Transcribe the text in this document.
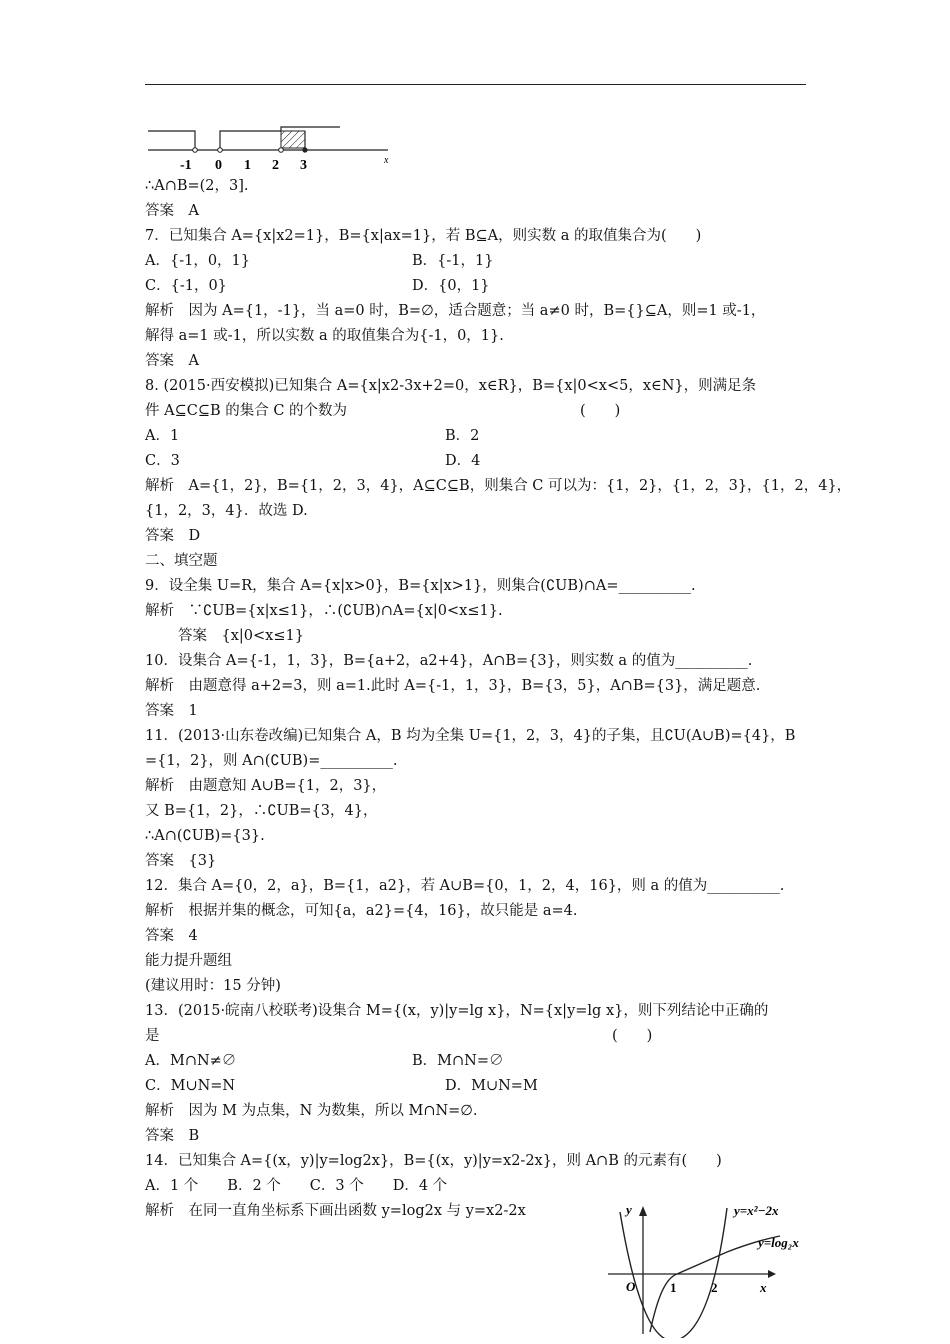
-1 0 1 2 3	x
∴A∩B=(2，3].
答案　A
7．已知集合 A={x|x2=1}，B={x|ax=1}，若 B⊆A，则实数 a 的取值集合为(　　)
A．{-1，0，1}	B．{-1，1}
C．{-1，0}	D．{0，1}
解析　因为 A={1，-1}，当 a=0 时，B=∅，适合题意；当 a≠0 时，B={}⊆A，则=1 或-1，
解得 a=1 或-1，所以实数 a 的取值集合为{-1，0，1}.
答案　A
8. (2015·西安模拟)已知集合 A={x|x2-3x+2=0，x∈R}，B={x|0<x<5，x∈N}，则满足条
件 A⊆C⊆B 的集合 C 的个数为	(　　)
A．1	B．2
C．3	D．4
解析　A={1，2}，B={1，2，3，4}，A⊆C⊆B，则集合 C 可以为：{1，2}，{1，2，3}，{1，2，4}，
{1，2，3，4}．故选 D.
答案　D
二、填空题
9．设全集 U=R，集合 A={x|x>0}，B={x|x>1}，则集合(∁UB)∩A=__________.
解析　∵∁UB={x|x≤1}，∴(∁UB)∩A={x|0<x≤1}.
答案　{x|0<x≤1}
10．设集合 A={-1，1，3}，B={a+2，a2+4}，A∩B={3}，则实数 a 的值为__________.
解析　由题意得 a+2=3，则 a=1.此时 A={-1，1，3}，B={3，5}，A∩B={3}，满足题意.
答案　1
11．(2013·山东卷改编)已知集合 A，B 均为全集 U={1，2，3，4}的子集，且∁U(A∪B)={4}，B
={1，2}，则 A∩(∁UB)=__________.
解析　由题意知 A∪B={1，2，3}，
又 B={1，2}，∴∁UB={3，4}，
∴A∩(∁UB)={3}.
答案　{3}
12．集合 A={0，2，a}，B={1，a2}，若 A∪B={0，1，2，4，16}，则 a 的值为__________.
解析　根据并集的概念，可知{a，a2}={4，16}，故只能是 a=4.
答案　4
能力提升题组
(建议用时：15 分钟)
13．(2015·皖南八校联考)设集合 M={(x，y)|y=lg x}，N={x|y=lg x}，则下列结论中正确的
是	(　　)
A．M∩N≠∅	B．M∩N=∅
C．M∪N=N	D．M∪N=M
解析　因为 M 为点集，N 为数集，所以 M∩N=∅.
答案　B
14．已知集合 A={(x，y)|y=log2x}，B={(x，y)|y=x2-2x}，则 A∩B 的元素有(　　)
A．1 个　　B．2 个　　C．3 个　　D．4 个
解析　在同一直角坐标系下画出函数 y=log2x 与 y=x2-2x	y
x
O	1	2
y=x²−2x
y=log₂x
